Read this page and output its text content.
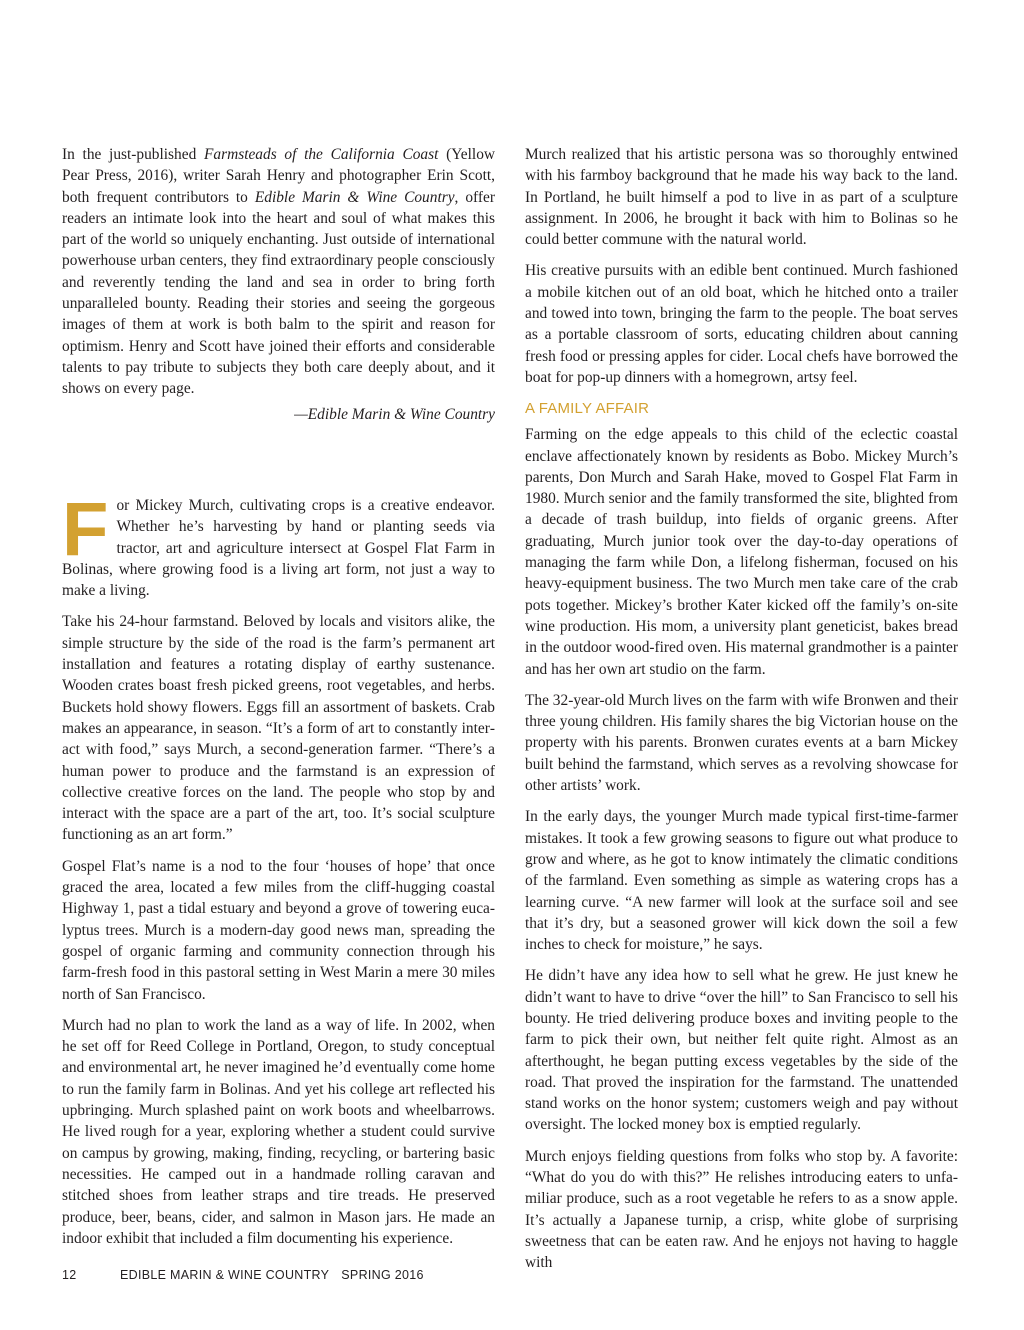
In the just-published Farmsteads of the California Coast (Yellow Pear Press, 2016), writer Sarah Henry and photographer Erin Scott, both frequent contributors to Edible Marin & Wine Country, offer readers an intimate look into the heart and soul of what makes this part of the world so uniquely enchanting. Just outside of international powerhouse urban centers, they find extraordinary people consciously and reverently tending the land and sea in order to bring forth unparalleled bounty. Reading their stories and seeing the gorgeous images of them at work is both balm to the spirit and reason for optimism. Henry and Scott have joined their efforts and considerable talents to pay tribute to subjects they both care deeply about, and it shows on every page.

—Edible Marin & Wine Country

For Mickey Murch, cultivating crops is a creative endeavor. Whether he’s harvesting by hand or planting seeds via tractor, art and agriculture intersect at Gospel Flat Farm in Bolinas, where growing food is a living art form, not just a way to make a living.

Take his 24-hour farmstand. Beloved by locals and visitors alike, the simple structure by the side of the road is the farm’s permanent art installation and features a rotating display of earthy sustenance. Wooden crates boast fresh picked greens, root vegetables, and herbs. Buckets hold showy flowers. Eggs fill an assortment of baskets. Crab makes an appearance, in season. “It’s a form of art to constantly interact with food,” says Murch, a second-generation farmer. “There’s a human power to produce and the farmstand is an expression of collective creative forces on the land. The people who stop by and interact with the space are a part of the art, too. It’s social sculpture functioning as an art form.”

Gospel Flat’s name is a nod to the four ‘houses of hope’ that once graced the area, located a few miles from the cliff-hugging coastal Highway 1, past a tidal estuary and beyond a grove of towering eucalyptus trees. Murch is a modern-day good news man, spreading the gospel of organic farming and community connection through his farm-fresh food in this pastoral setting in West Marin a mere 30 miles north of San Francisco.

Murch had no plan to work the land as a way of life. In 2002, when he set off for Reed College in Portland, Oregon, to study conceptual and environmental art, he never imagined he’d eventually come home to run the family farm in Bolinas. And yet his college art reflected his upbringing. Murch splashed paint on work boots and wheelbarrows. He lived rough for a year, exploring whether a student could survive on campus by growing, making, finding, recycling, or bartering basic necessities. He camped out in a handmade rolling caravan and stitched shoes from leather straps and tire treads. He preserved produce, beer, beans, cider, and salmon in Mason jars. He made an indoor exhibit that included a film documenting his experience.

Murch realized that his artistic persona was so thoroughly entwined with his farmboy background that he made his way back to the land. In Portland, he built himself a pod to live in as part of a sculpture assignment. In 2006, he brought it back with him to Bolinas so he could better commune with the natural world.

His creative pursuits with an edible bent continued. Murch fashioned a mobile kitchen out of an old boat, which he hitched onto a trailer and towed into town, bringing the farm to the people. The boat serves as a portable classroom of sorts, educating children about canning fresh food or pressing apples for cider. Local chefs have borrowed the boat for pop-up dinners with a homegrown, artsy feel.

A FAMILY AFFAIR

Farming on the edge appeals to this child of the eclectic coastal enclave affectionately known by residents as Bobo. Mickey Murch’s parents, Don Murch and Sarah Hake, moved to Gospel Flat Farm in 1980. Murch senior and the family transformed the site, blighted from a decade of trash buildup, into fields of organic greens. After graduating, Murch junior took over the day-to-day operations of managing the farm while Don, a lifelong fisherman, focused on his heavy-equipment business. The two Murch men take care of the crab pots together. Mickey’s brother Kater kicked off the family’s on-site wine production. His mom, a university plant geneticist, bakes bread in the outdoor wood-fired oven. His maternal grandmother is a painter and has her own art studio on the farm.

The 32-year-old Murch lives on the farm with wife Bronwen and their three young children. His family shares the big Victorian house on the property with his parents. Bronwen curates events at a barn Mickey built behind the farmstand, which serves as a revolving showcase for other artists’ work.

In the early days, the younger Murch made typical first-time-farmer mistakes. It took a few growing seasons to figure out what produce to grow and where, as he got to know intimately the climatic conditions of the farmland. Even something as simple as watering crops has a learning curve. “A new farmer will look at the surface soil and see that it’s dry, but a seasoned grower will kick down the soil a few inches to check for moisture,” he says.

He didn’t have any idea how to sell what he grew. He just knew he didn’t want to have to drive “over the hill” to San Francisco to sell his bounty. He tried delivering produce boxes and inviting people to the farm to pick their own, but neither felt quite right. Almost as an afterthought, he began putting excess vegetables by the side of the road. That proved the inspiration for the farmstand. The unattended stand works on the honor system; customers weigh and pay without oversight. The locked money box is emptied regularly.

Murch enjoys fielding questions from folks who stop by. A favorite: “What do you do with this?” He relishes introducing eaters to unfamiliar produce, such as a root vegetable he refers to as a snow apple. It’s actually a Japanese turnip, a crisp, white globe of surprising sweetness that can be eaten raw. And he enjoys not having to haggle with

12	EDIBLE MARIN & WINE COUNTRY SPRING 2016
